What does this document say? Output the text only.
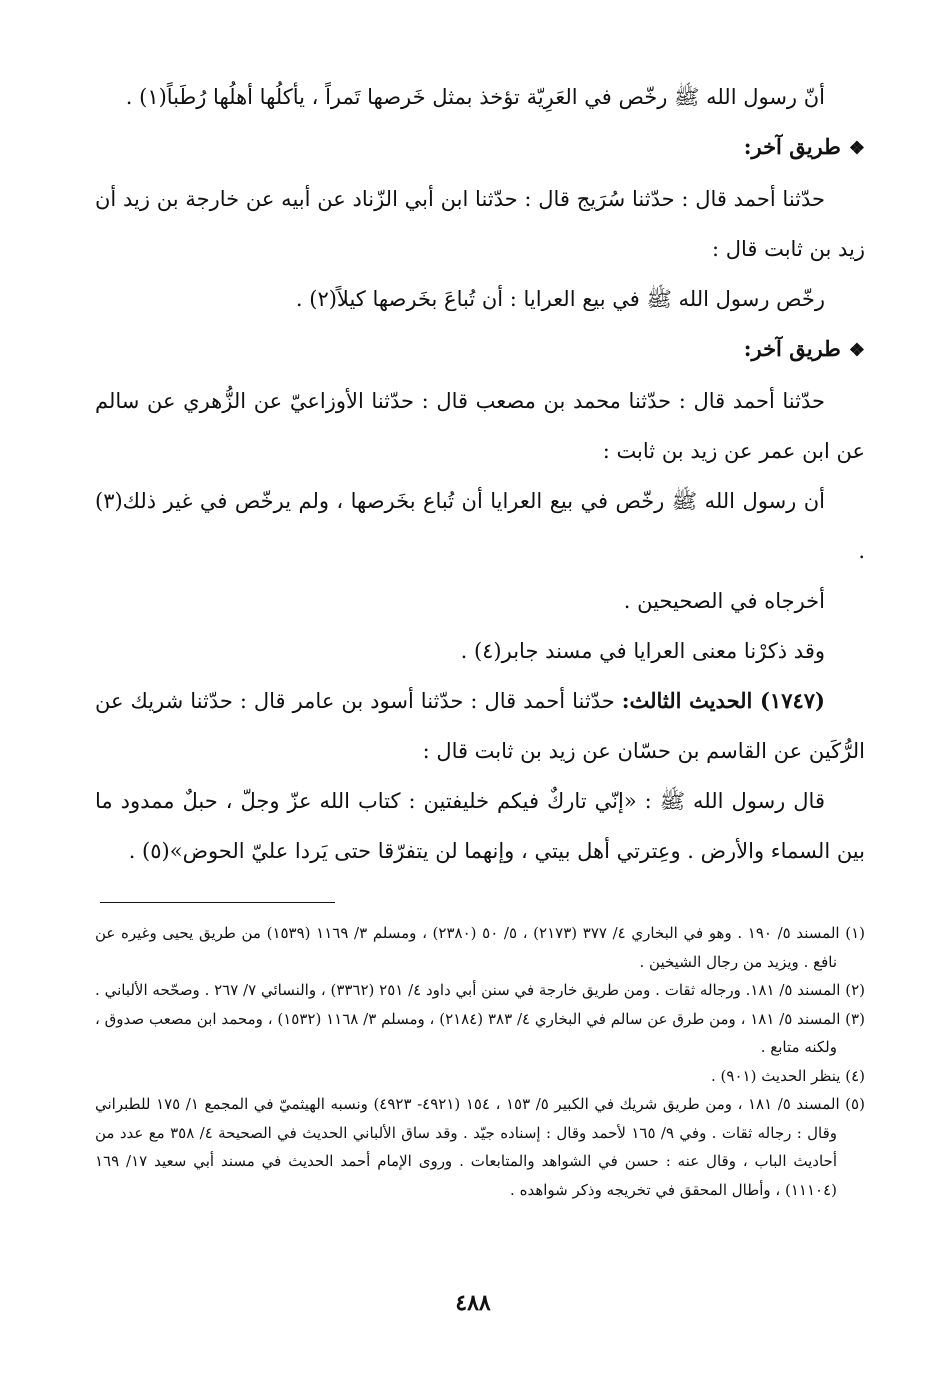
أنّ رسول الله ﷺ رخّص في العَرِيّة تؤخذ بمثل خَرصها تَمراً ، يأكلُها أهلُها رُطَباً(١) .

❖طريق آخر:

حدّثنا أحمد قال : حدّثنا سُرَيج قال : حدّثنا ابن أبي الزّناد عن أبيه عن خارجة بن زيد أن زيد بن ثابت قال :

رخّص رسول الله ﷺ في بيع العرايا : أن تُباعَ بخَرصها كيلاً(٢) .

❖طريق آخر:

حدّثنا أحمد قال : حدّثنا محمد بن مصعب قال : حدّثنا الأوزاعيّ عن الزُّهري عن سالم عن ابن عمر عن زيد بن ثابت :

أن رسول الله ﷺ رخّص في بيع العرايا أن تُباع بخَرصها ، ولم يرخّص في غير ذلك(٣) .

أخرجاه في الصحيحين .

وقد ذكرْنا معنى العرايا في مسند جابر(٤) .

(١٧٤٧) الحديث الثالث: حدّثنا أحمد قال : حدّثنا أسود بن عامر قال : حدّثنا شريك عن الرُّكَين عن القاسم بن حسّان عن زيد بن ثابت قال :

قال رسول الله ﷺ : «إنّي تاركٌ فيكم خليفتين : كتاب الله عزّ وجلّ ، حبلٌ ممدود ما بين السماء والأرض . وعِترتي أهل بيتي ، وإنهما لن يتفرّقا حتى يَردا عليّ الحوض»(٥) .

(١) المسند ٥/ ١٩٠ . وهو في البخاري ٤/ ٣٧٧ (٢١٧٣) ، ٥/ ٥٠ (٢٣٨٠) ، ومسلم ٣/ ١١٦٩ (١٥٣٩) من طريق يحيى وغيره عن نافع . ويزيد من رجال الشيخين .

(٢) المسند ٥/ ١٨١. ورجاله ثقات . ومن طريق خارجة في سنن أبي داود ٤/ ٢٥١ (٣٣٦٢) ، والنسائي ٧/ ٢٦٧ . وصحّحه الألباني .

(٣) المسند ٥/ ١٨١ ، ومن طرق عن سالم في البخاري ٤/ ٣٨٣ (٢١٨٤) ، ومسلم ٣/ ١١٦٨ (١٥٣٢) ، ومحمد ابن مصعب صدوق ، ولكنه متابع .

(٤) ينظر الحديث (٩٠١) .

(٥) المسند ٥/ ١٨١ ، ومن طريق شريك في الكبير ٥/ ١٥٣ ، ١٥٤ (٤٩٢١- ٤٩٢٣) ونسبه الهيثميّ في المجمع ١/ ١٧٥ للطبراني وقال : رجاله ثقات . وفي ٩/ ١٦٥ لأحمد وقال : إسناده جيّد . وقد ساق الألباني الحديث في الصحيحة ٤/ ٣٥٨ مع عدد من أحاديث الباب ، وقال عنه : حسن في الشواهد والمتابعات . وروى الإمام أحمد الحديث في مسند أبي سعيد ١٧/ ١٦٩ (١١١٠٤) ، وأطال المحقق في تخريجه وذكر شواهده .

٤٨٨
